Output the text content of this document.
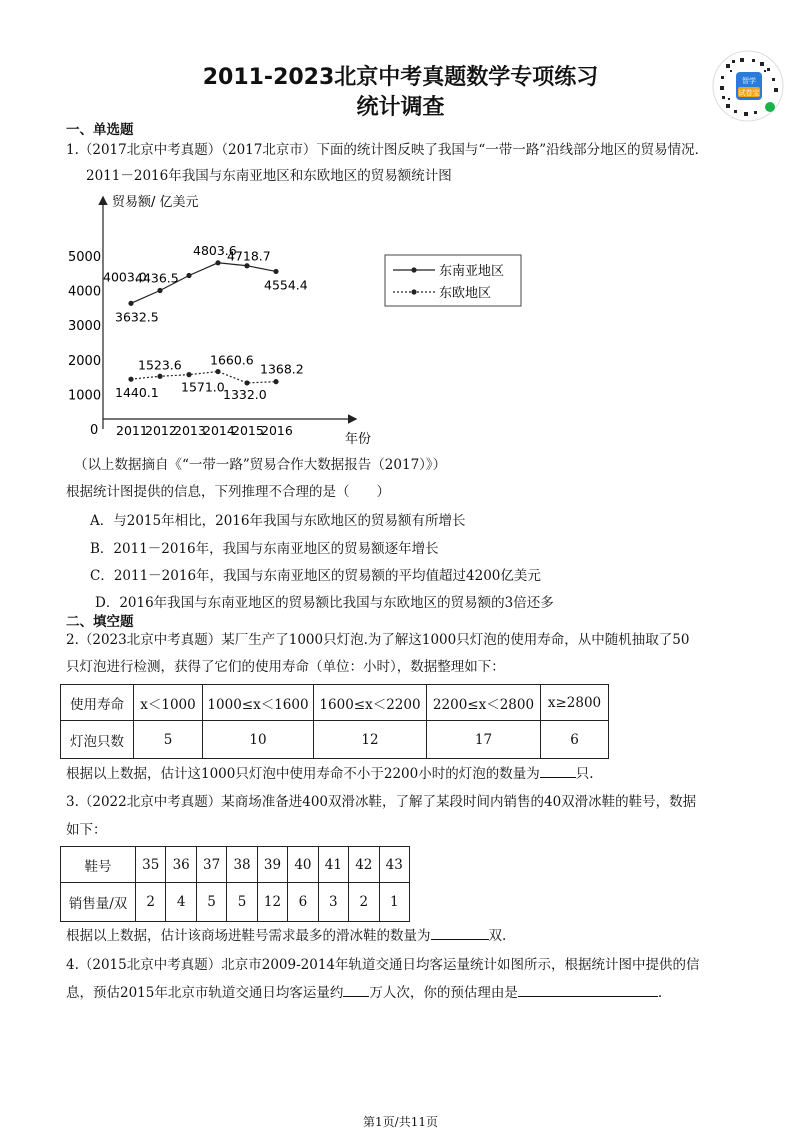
2011-2023北京中考真题数学专项练习
统计调查
智学
试卷宝
一、单选题
1.（2017北京中考真题）（2017北京市）下面的统计图反映了我国与“一带一路”沿线部分地区的贸易情况．
2011－2016年我国与东南亚地区和东欧地区的贸易额统计图
贸易额/ 亿美元
年份
0
1000
2000
3000
4000
5000
2011
2012
2013
2014
2015
2016
3632.5
4003.0
4436.5
4803.6
4718.7
4554.4
1440.1
1523.6
1571.0
1660.6
1332.0
1368.2
东南亚地区
东欧地区
（以上数据摘自《“一带一路”贸易合作大数据报告（2017）》）
根据统计图提供的信息，下列推理不合理的是（　　）
A．与2015年相比，2016年我国与东欧地区的贸易额有所增长
B．2011－2016年，我国与东南亚地区的贸易额逐年增长
C．2011－2016年，我国与东南亚地区的贸易额的平均值超过4200亿美元
D．2016年我国与东南亚地区的贸易额比我国与东欧地区的贸易额的3倍还多
二、填空题
2.（2023北京中考真题）某厂生产了1000只灯泡.为了解这1000只灯泡的使用寿命，从中随机抽取了50
只灯泡进行检测，获得了它们的使用寿命（单位：小时），数据整理如下：
使用寿命	x＜1000	1000≤x＜1600	1600≤x＜2200	2200≤x＜2800	x≥2800
灯泡只数	5	10	12	17	6
根据以上数据，估计这1000只灯泡中使用寿命不小于2200小时的灯泡的数量为	只.
3.（2022北京中考真题）某商场准备进400双滑冰鞋，了解了某段时间内销售的40双滑冰鞋的鞋号，数据
如下：
鞋号	35	36	37	38	39	40	41	42	43
销售量/双	2	4	5	5	12	6	3	2	1
根据以上数据，估计该商场进鞋号需求最多的滑冰鞋的数量为	双.
4.（2015北京中考真题）北京市2009-2014年轨道交通日均客运量统计如图所示，根据统计图中提供的信
息，预估2015年北京市轨道交通日均客运量约 万人次，你的预估理由是	.
第1页/共11页
